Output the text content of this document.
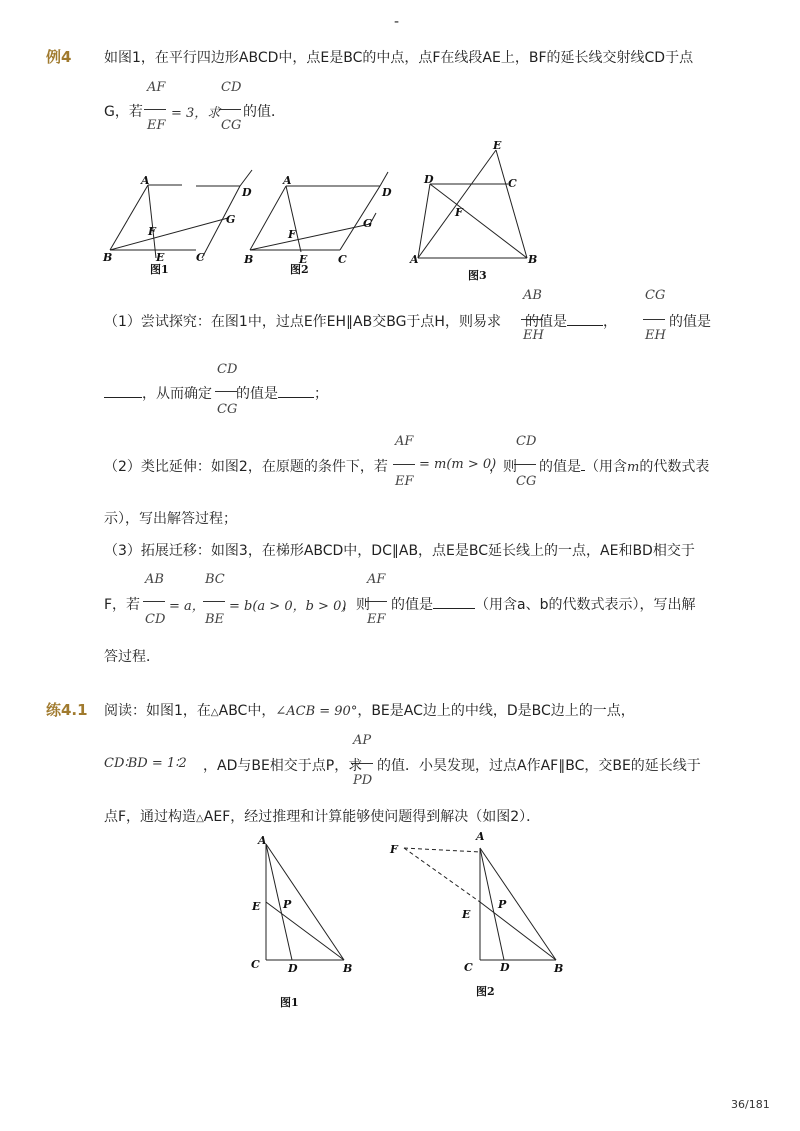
-
例4 如图1，在平行四边形ABCD中，点E是BC的中点，点F在线段AE上，BF的延长线交射线CD于点
G，若
AF
EF
= 3，求
CD
CG
的值．
A
D
G
F
B	E	C
图1
A
D
G
F
B	E	C
图2
E
D	C
F
A	B
图3
AB
EH
CG
EH
（1）尝试探究：在图1中，过点E作EH∥AB交BG于点H，则易求 的值是	，	的值是
CD
CG
，从而确定 的值是	；
AF
EF
CD
CG
（2）类比延伸：如图2，在原题的条件下，若 = m(m > 0)
，则 的值是 （用含m的代数式表
示），写出解答过程；
（3）拓展迁移：如图3，在梯形ABCD中，DC∥AB，点E是BC延长线上的一点，AE和BD相交于
AB
CD
BC
BE
AF
EF
F，若 = a， = b(a > 0，b > 0)
，则 的值是	（用含a、b的代数式表示），写出解
答过程．
练4.1 阅读：如图1，在△ABC中，∠ACB = 90°，BE是AC边上的中线，D是BC边上的一点，
AP
PD
CD∶BD = 1∶2 ，AD与BE相交于点P，求 的值．小昊发现，过点A作AF∥BC，交BE的延长线于
点F，通过构造△AEF，经过推理和计算能够使问题得到解决（如图2）．
A
E P
C	D	B
图1
F
A
E
P
C D	B
图2
36/181
